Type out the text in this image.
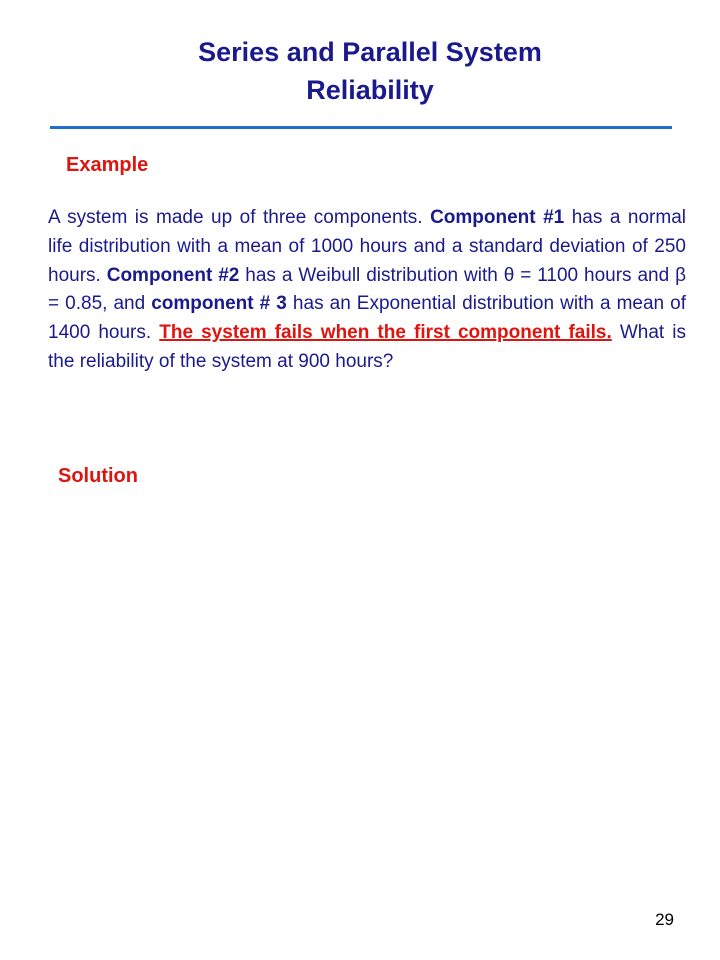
Series and Parallel System
Reliability
Example
A system is made up of three components. Component #1 has a normal life distribution with a mean of 1000 hours and a standard deviation of 250 hours. Component #2 has a Weibull distribution with θ = 1100 hours and β = 0.85, and component # 3 has an Exponential distribution with a mean of 1400 hours. The system fails when the first component fails. What is the reliability of the system at 900 hours?
Solution
29
